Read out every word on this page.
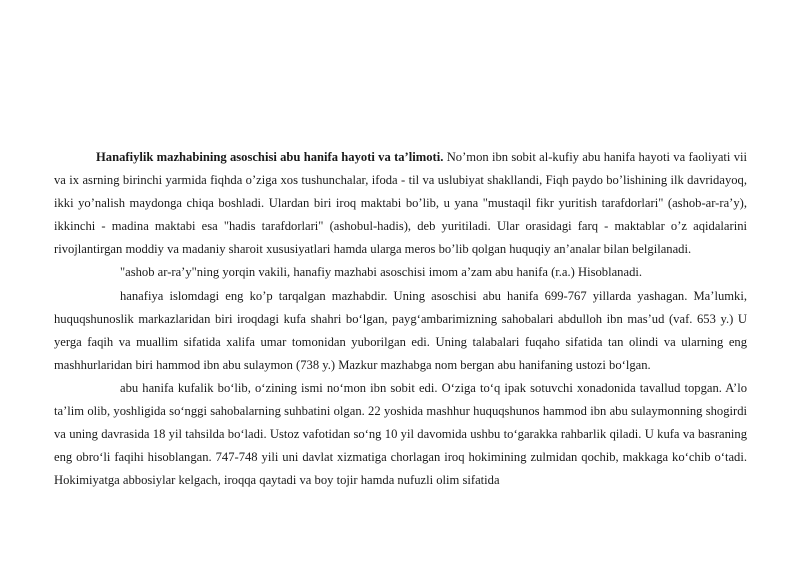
Hanafiylik mazhabining asoschisi abu hanifa hayoti va ta’limoti. No’mon ibn sobit al-kufiy abu hanifa hayoti va faoliyati vii va ix asrning birinchi yarmida fiqhda o’ziga xos tushunchalar, ifoda - til va uslubiyat shakllandi, Fiqh paydo bo’lishining ilk davridayoq, ikki yo’nalish maydonga chiqa boshladi. Ulardan biri iroq maktabi bo’lib, u yana "mustaqil fikr yuritish tarafdorlari" (ashob-ar-ra’y), ikkinchi - madina maktabi esa "hadis tarafdorlari" (ashobul-hadis), deb yuritiladi. Ular orasidagi farq - maktablar o’z aqidalarini rivojlantirgan moddiy va madaniy sharoit xususiyatlari hamda ularga meros bo’lib qolgan huquqiy an’analar bilan belgilanadi.

"ashob ar-ra’y"ning yorqin vakili, hanafiy mazhabi asoschisi imom a’zam abu hanifa (r.a.) Hisoblanadi.

hanafiya islomdagi eng ko’p tarqalgan mazhabdir. Uning asoschisi abu hanifa 699-767 yillarda yashagan. Ma’lumki, huquqshunoslik markazlaridan biri iroqdagi kufa shahri bo‘lgan, payg‘ambarimizning sahobalari abdulloh ibn mas’ud (vaf. 653 y.) U yerga faqih va muallim sifatida xalifa umar tomonidan yuborilgan edi. Uning talabalari fuqaho sifatida tan olindi va ularning eng mashhurlaridan biri hammod ibn abu sulaymon (738 y.) Mazkur mazhabga nom bergan abu hanifaning ustozi bo‘lgan.

abu hanifa kufalik bo‘lib, o‘zining ismi no‘mon ibn sobit edi. O‘ziga to‘q ipak sotuvchi xonadonida tavallud topgan. A’lo ta’lim olib, yoshligida so‘nggi sahobalarning suhbatini olgan. 22 yoshida mashhur huquqshunos hammod ibn abu sulaymonning shogirdi va uning davrasida 18 yil tahsilda bo‘ladi. Ustoz vafotidan so‘ng 10 yil davomida ushbu to‘garakka rahbarlik qiladi. U kufa va basraning eng obro‘li faqihi hisoblangan. 747-748 yili uni davlat xizmatiga chorlagan iroq hokimining zulmidan qochib, makkaga ko‘chib o‘tadi. Hokimiyatga abbosiylar kelgach, iroqqa qaytadi va boy tojir hamda nufuzli olim sifatida
